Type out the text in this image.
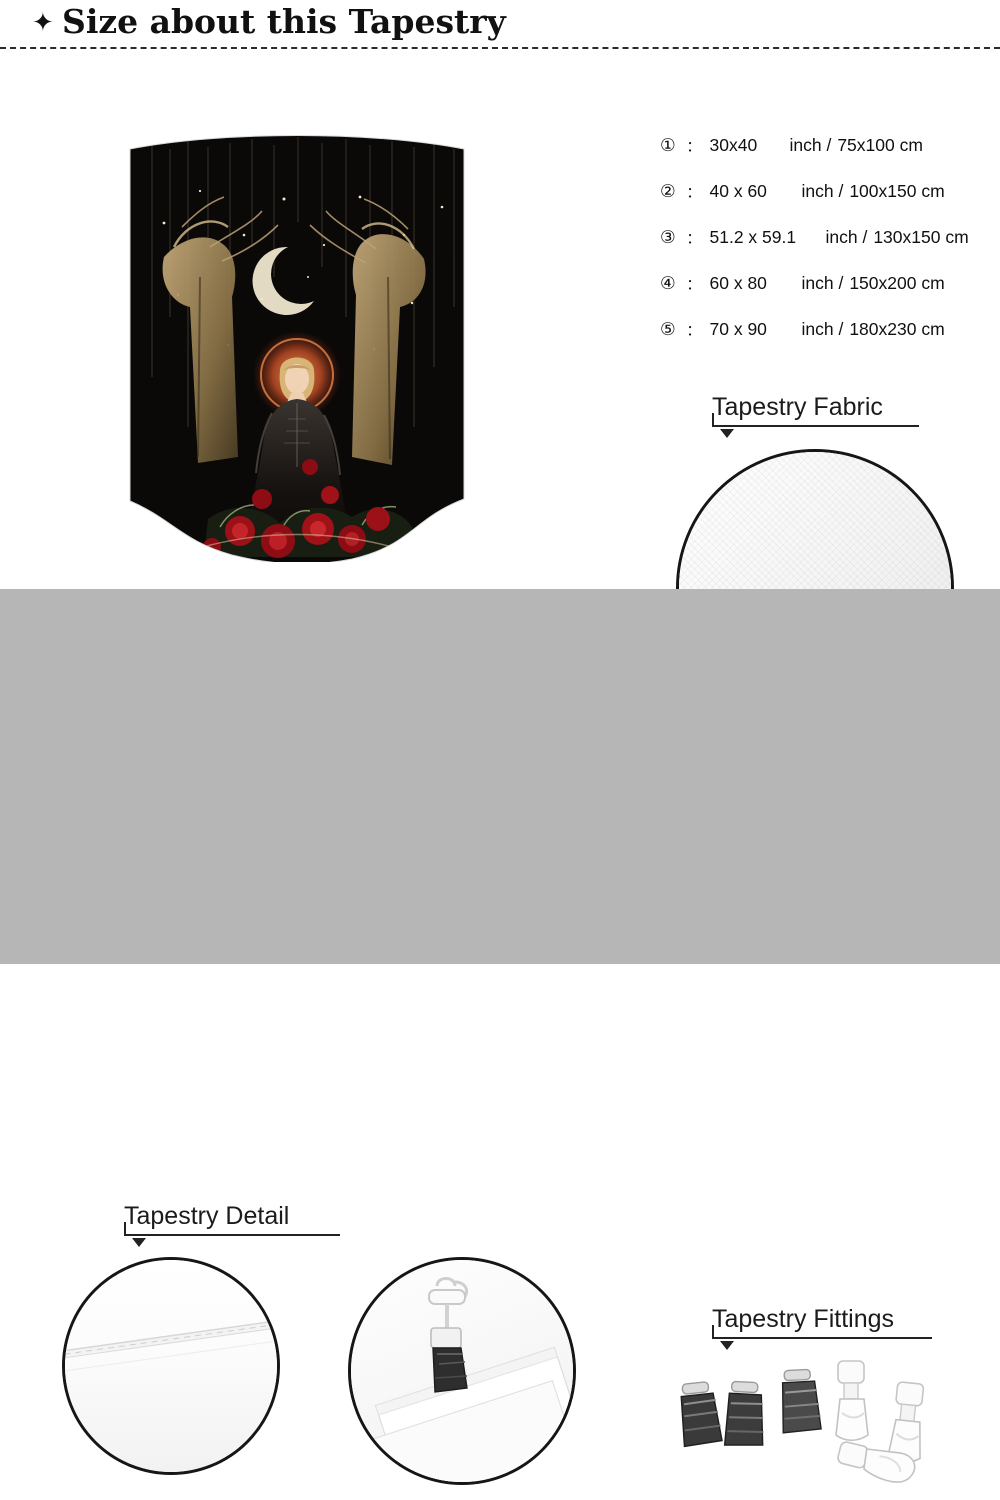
✦ Size about this Tapestry
① ： 30x40	inch / 75x100 cm
② ： 40 x 60	inch / 100x150 cm
③ ： 51.2 x 59.1	inch / 130x150 cm
④ ： 60 x 80	inch / 150x200 cm
⑤ ： 70 x 90	inch / 180x230 cm
Tapestry Fabric
Tapestry Detail
Tapestry Fittings
